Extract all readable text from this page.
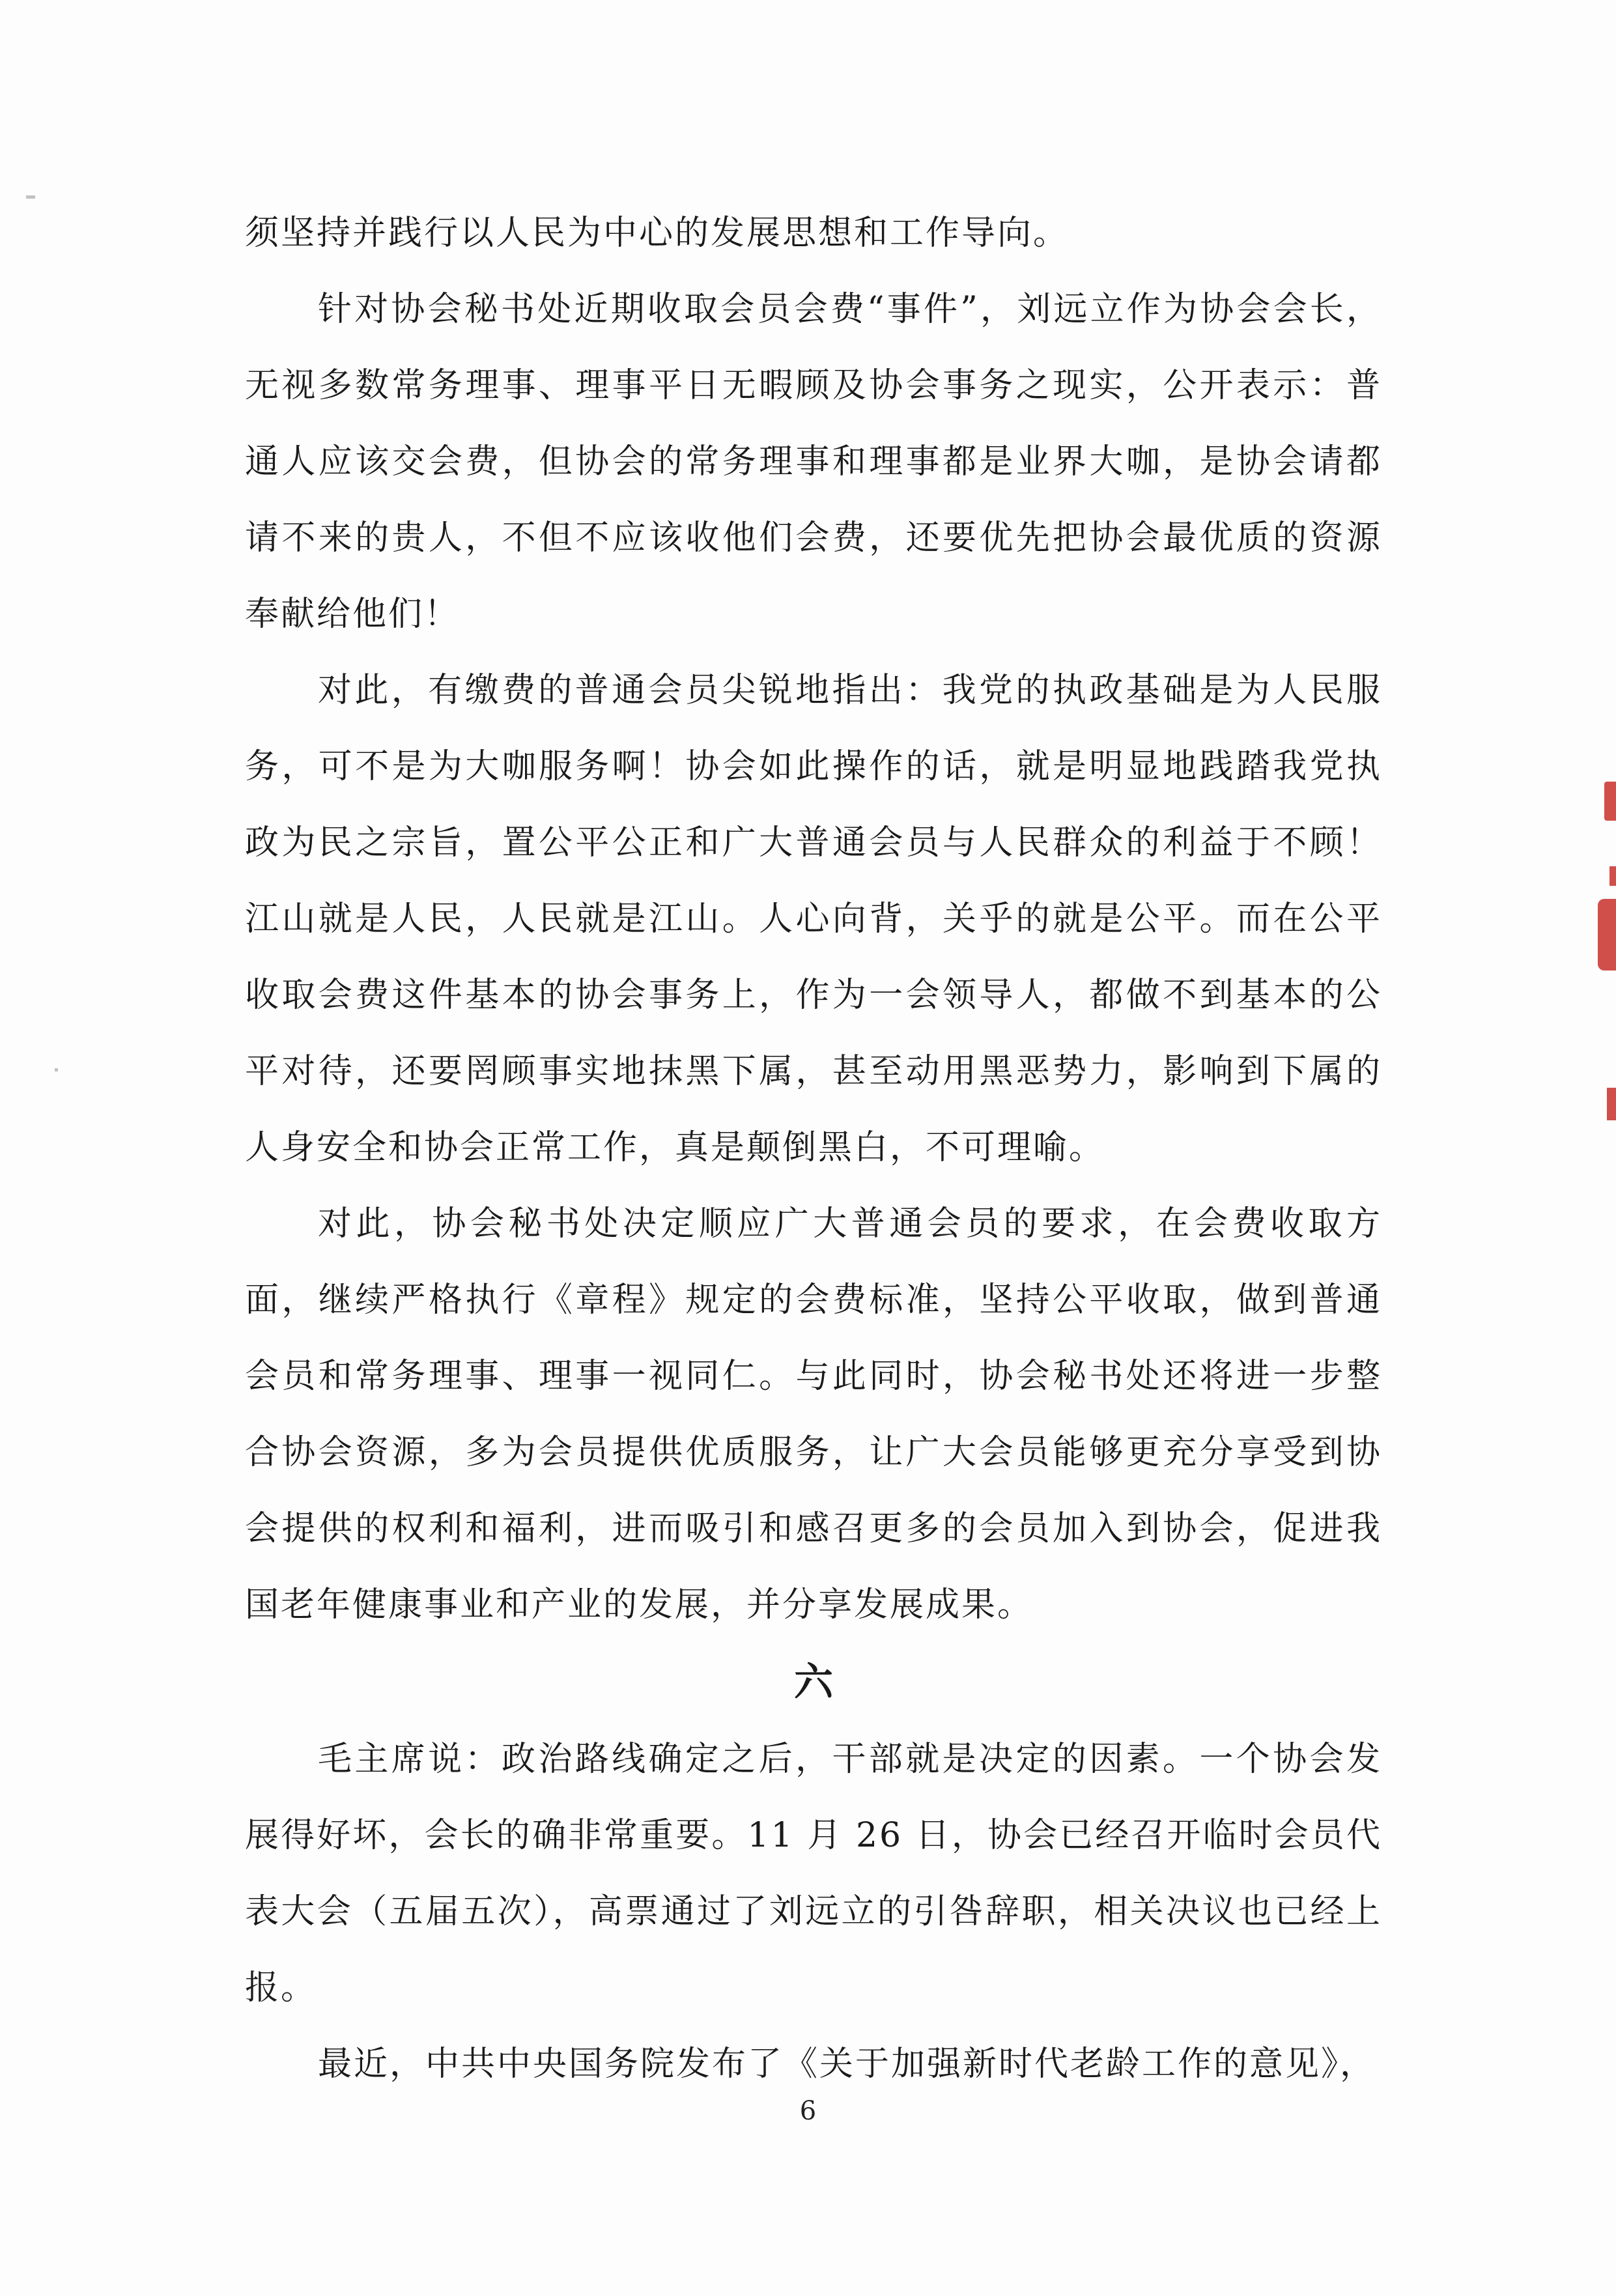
须坚持并践行以人民为中心的发展思想和工作导向。

针对协会秘书处近期收取会员会费“事件”，刘远立作为协会会长，无视多数常务理事、理事平日无暇顾及协会事务之现实，公开表示：普通人应该交会费，但协会的常务理事和理事都是业界大咖，是协会请都请不来的贵人，不但不应该收他们会费，还要优先把协会最优质的资源奉献给他们！

对此，有缴费的普通会员尖锐地指出：我党的执政基础是为人民服务，可不是为大咖服务啊！协会如此操作的话，就是明显地践踏我党执政为民之宗旨，置公平公正和广大普通会员与人民群众的利益于不顾！江山就是人民，人民就是江山。人心向背，关乎的就是公平。而在公平收取会费这件基本的协会事务上，作为一会领导人，都做不到基本的公平对待，还要罔顾事实地抹黑下属，甚至动用黑恶势力，影响到下属的人身安全和协会正常工作，真是颠倒黑白，不可理喻。

对此，协会秘书处决定顺应广大普通会员的要求，在会费收取方面，继续严格执行《章程》规定的会费标准，坚持公平收取，做到普通会员和常务理事、理事一视同仁。与此同时，协会秘书处还将进一步整合协会资源，多为会员提供优质服务，让广大会员能够更充分享受到协会提供的权利和福利，进而吸引和感召更多的会员加入到协会，促进我国老年健康事业和产业的发展，并分享发展成果。

六

毛主席说：政治路线确定之后，干部就是决定的因素。一个协会发展得好坏，会长的确非常重要。11 月 26 日，协会已经召开临时会员代表大会（五届五次），高票通过了刘远立的引咎辞职，相关决议也已经上报。

最近，中共中央国务院发布了《关于加强新时代老龄工作的意见》，

6
